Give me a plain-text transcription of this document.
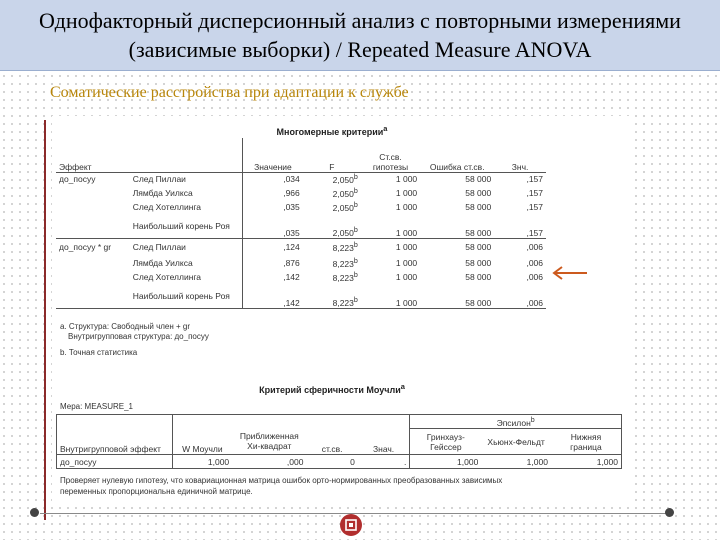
Однофакторный дисперсионный анализ с повторными измерениями
(зависимые выборки) / Repeated Measure ANOVA
Соматические расстройства при адаптации к службе
Многомерные критерии$^a$
Эффект		Значение	F	Ст.св. гипотезы	Ошибка ст.св.	Знч.
до_посуу	След Пиллаи	,034	2,050$^b$	1 000	58 000	,157
	Лямбда Уилкса	,966	2,050$^b$	1 000	58 000	,157
	След Хотеллинга	,035	2,050$^b$	1 000	58 000	,157
	Наибольший корень Роя	,035	2,050$^b$	1 000	58 000	,157
до_посуу * gr	След Пиллаи	,124	8,223$^b$	1 000	58 000	,006
	Лямбда Уилкса	,876	8,223$^b$	1 000	58 000	,006
	След Хотеллинга	,142	8,223$^b$	1 000	58 000	,006
	Наибольший корень Роя	,142	8,223$^b$	1 000	58 000	,006
a. Структура: Свободный член + gr
Внутригрупповая структура: до_посуу
b. Точная статистика
Критерий сферичности Моучли$^a$
Мера: MEASURE_1
					Эпсилон$^b$
Внутригрупповой эффект	W Моучли	Приближенная Хи-квадрат	ст.св.	Знач.	Гринхауз-Гейссер	Хьюнх-Фельдт	Нижняя граница
до_посуу	1,000	,000	0	.	1,000	1,000	1,000
Проверяет нулевую гипотезу, что ковариационная матрица ошибок орто-нормированных преобразованных зависимых
переменных пропорциональна единичной матрице.
